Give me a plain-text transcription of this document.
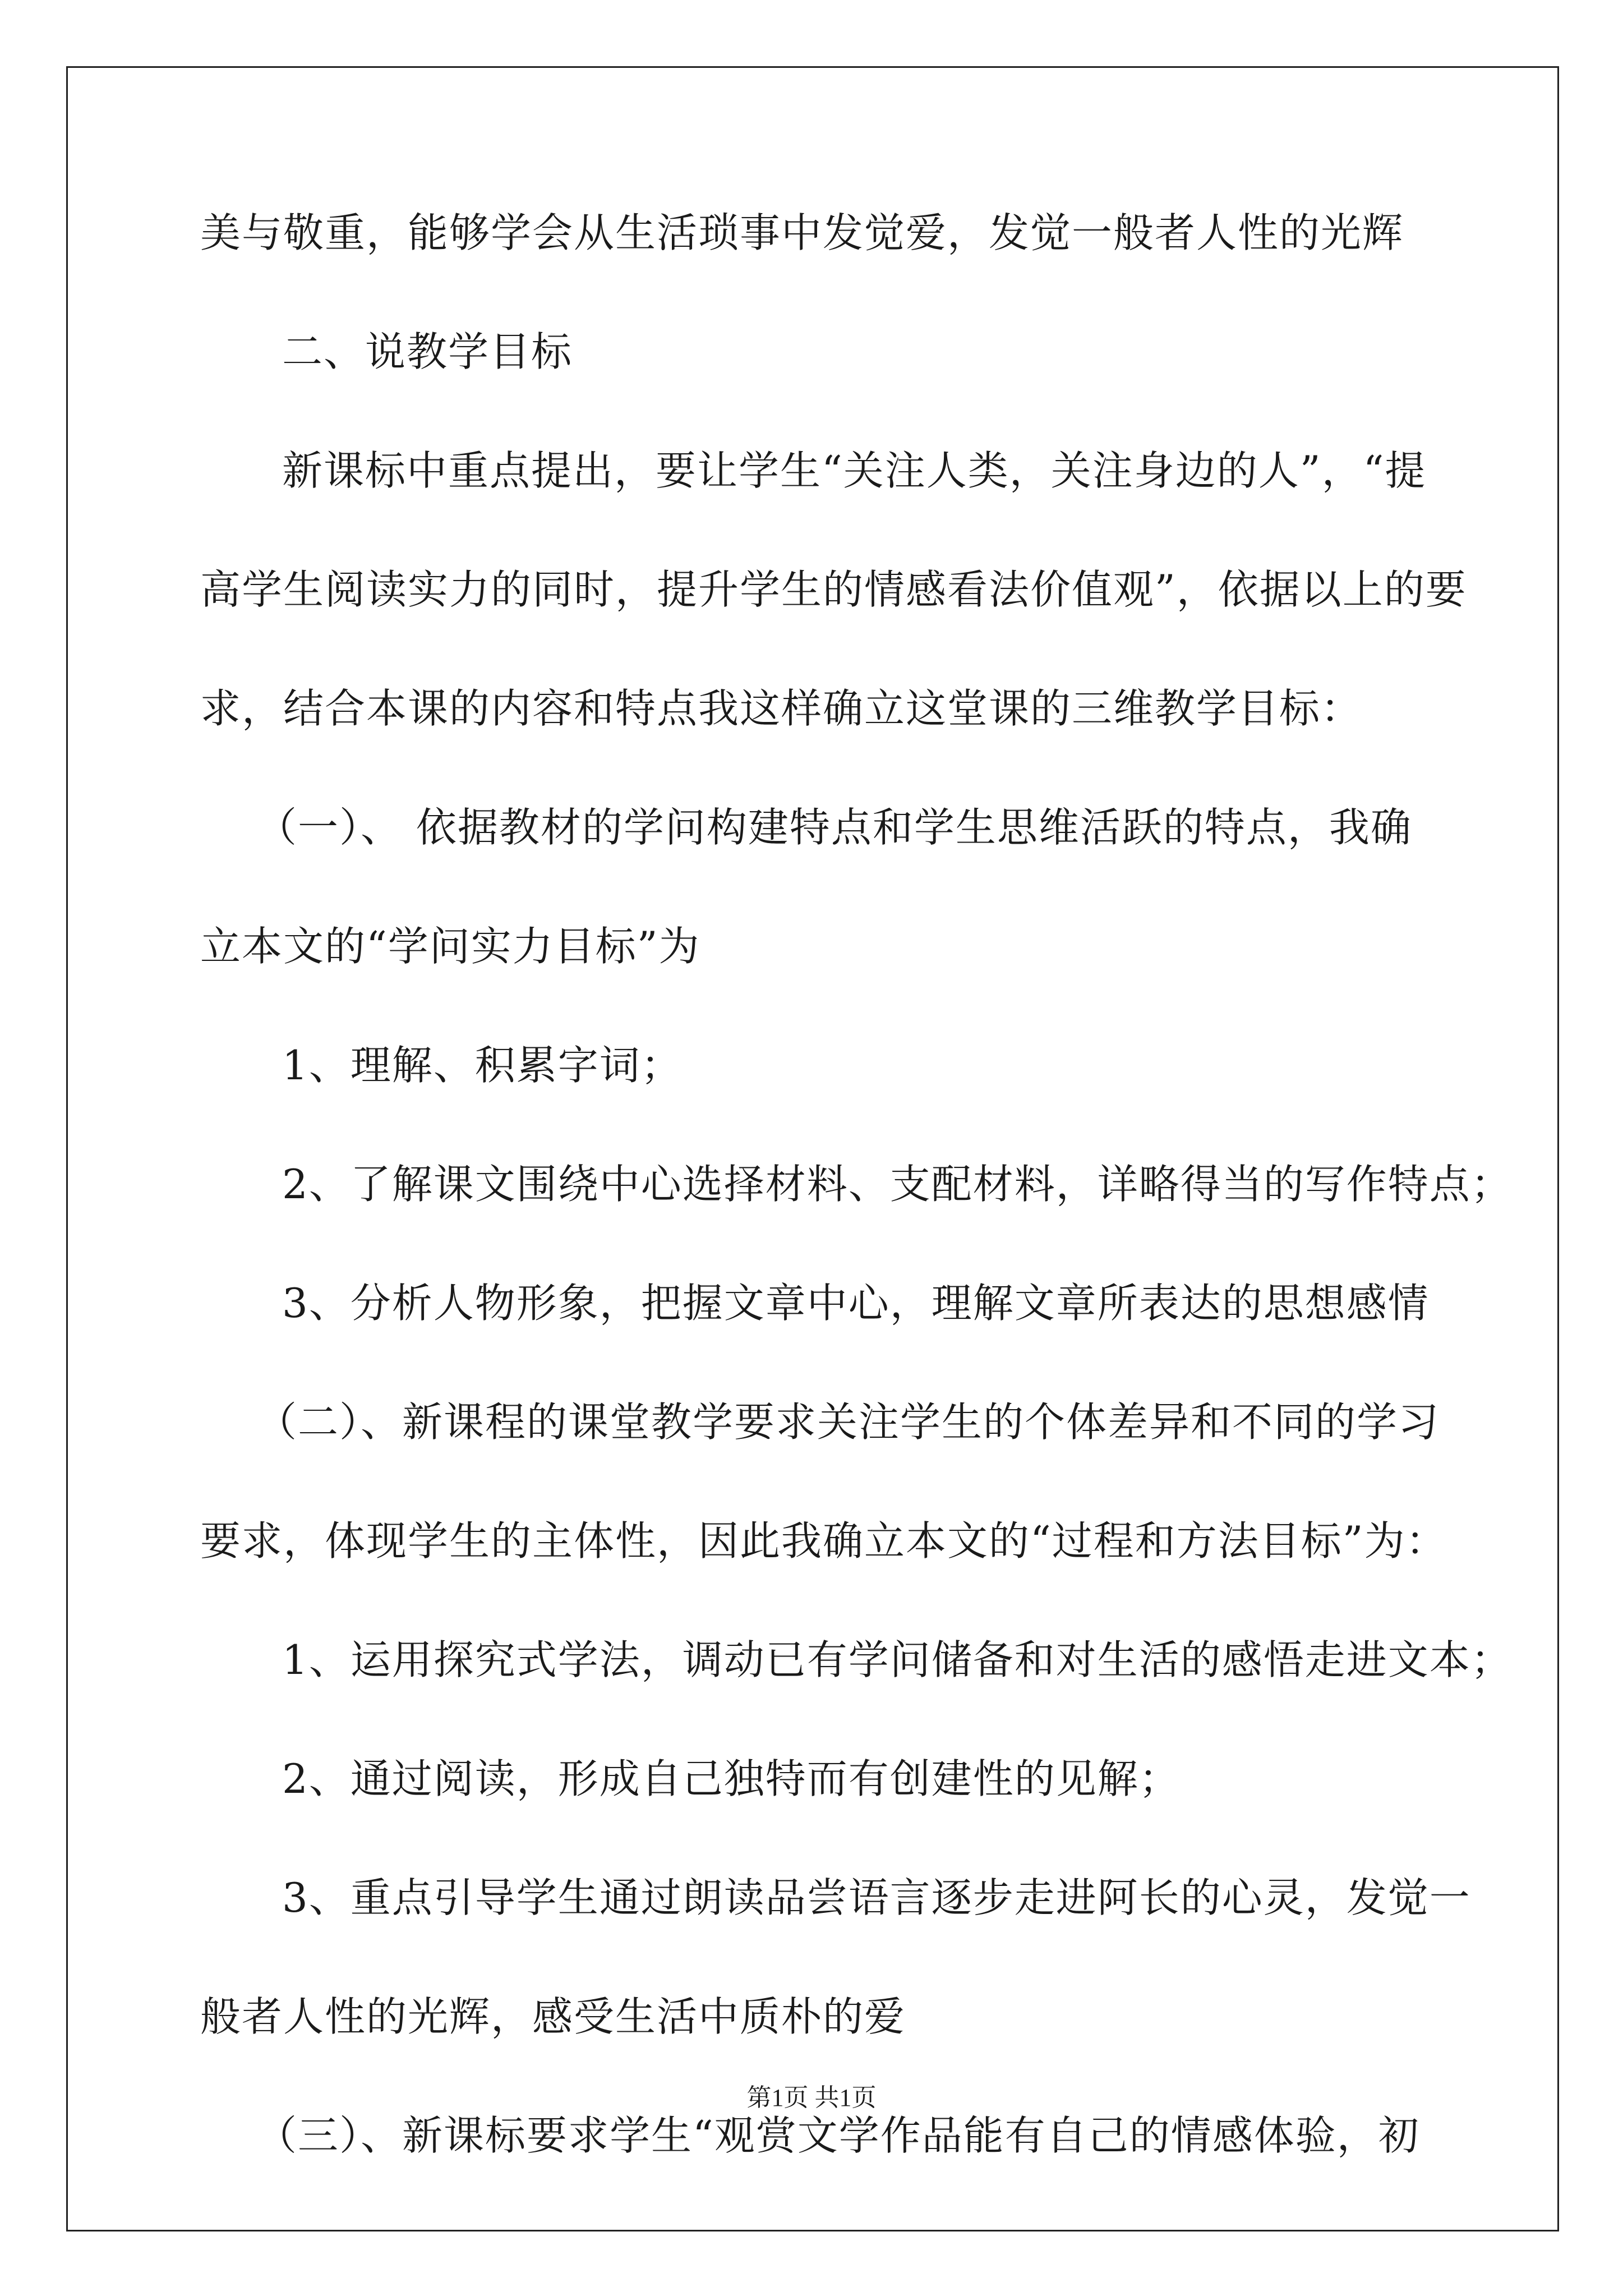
美与敬重，能够学会从生活琐事中发觉爱，发觉一般者人性的光辉
二、说教学目标
新课标中重点提出，要让学生“关注人类，关注身边的人”，“提
高学生阅读实力的同时，提升学生的情感看法价值观”，依据以上的要
求，结合本课的内容和特点我这样确立这堂课的三维教学目标：
（一）、 依据教材的学问构建特点和学生思维活跃的特点，我确
立本文的“学问实力目标”为
1、理解、积累字词；
2、了解课文围绕中心选择材料、支配材料，详略得当的写作特点；
3、分析人物形象，把握文章中心，理解文章所表达的思想感情
（二）、新课程的课堂教学要求关注学生的个体差异和不同的学习
要求，体现学生的主体性，因此我确立本文的“过程和方法目标”为：
1、运用探究式学法，调动已有学问储备和对生活的感悟走进文本；
2、通过阅读，形成自己独特而有创建性的见解；
3、重点引导学生通过朗读品尝语言逐步走进阿长的心灵，发觉一
般者人性的光辉，感受生活中质朴的爱
（三）、新课标要求学生“观赏文学作品能有自己的情感体验，初
第1页 共1页
